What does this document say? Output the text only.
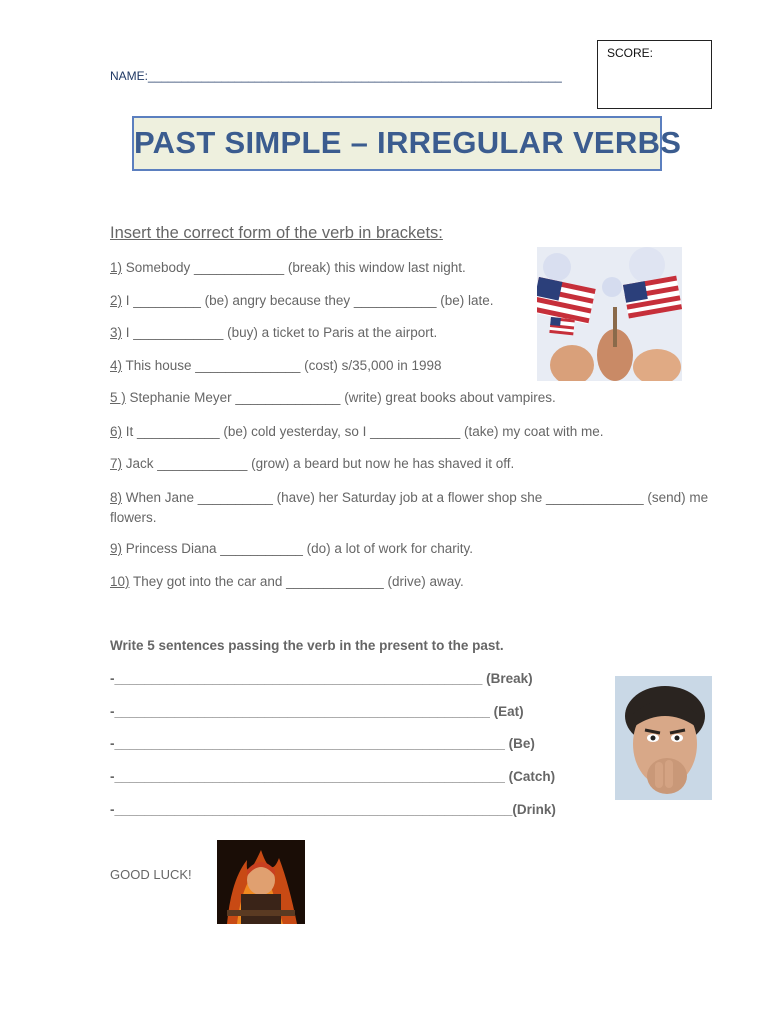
NAME:______________________________________________________________
SCORE:
PAST SIMPLE – IRREGULAR VERBS
Insert the correct form of the verb in brackets:
1) Somebody ____________ (break) this window last night.
2) I _________ (be) angry because they ___________ (be) late.
3) I ____________ (buy) a ticket to Paris at the airport.
4) This house ______________ (cost) s/35,000 in 1998
5 ) Stephanie Meyer ______________ (write) great books about vampires.
6) It ___________ (be) cold yesterday, so I ____________ (take) my coat with me.
7) Jack ____________ (grow) a beard but now he has shaved it off.
8) When Jane __________ (have) her Saturday job at a flower shop she _____________ (send) me flowers.
9) Princess Diana ___________ (do) a lot of work for charity.
10) They got into the car and _____________ (drive) away.
Write 5 sentences passing the verb in the present to the past.
-_________________________________________________ (Break)
-__________________________________________________ (Eat)
-____________________________________________________ (Be)
-____________________________________________________ (Catch)
-_____________________________________________________(Drink)
GOOD LUCK!
